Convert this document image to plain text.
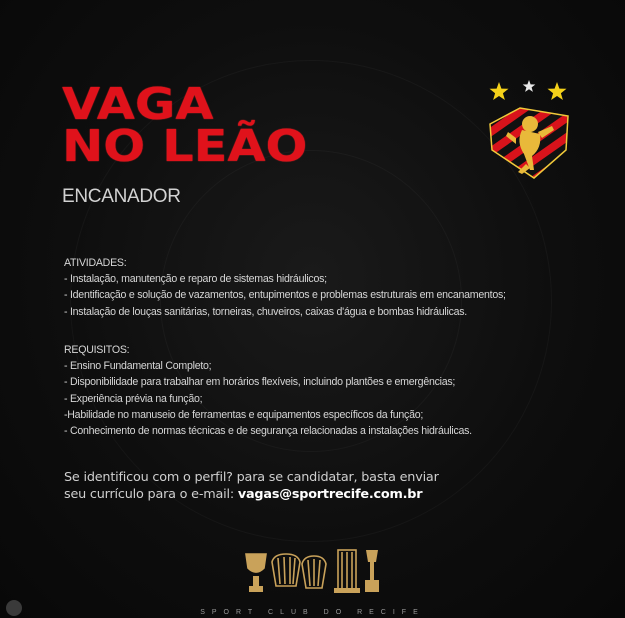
VAGA
NO LEÃO
ENCANADOR
ATIVIDADES:
- Instalação, manutenção e reparo de sistemas hidráulicos;
- Identificação e solução de vazamentos, entupimentos e problemas estruturais em encanamentos;
- Instalação de louças sanitárias, torneiras, chuveiros, caixas d'água e bombas hidráulicas.
REQUISITOS:
- Ensino Fundamental Completo;
- Disponibilidade para trabalhar em horários flexíveis, incluindo plantões e emergências;
- Experiência prévia na função;
-Habilidade no manuseio de ferramentas e equipamentos específicos da função;
- Conhecimento de normas técnicas e de segurança relacionadas a instalações hidráulicas.
Se identificou com o perfil? para se candidatar, basta enviar
seu currículo para o e-mail: vagas@sportrecife.com.br
SPORT CLUB DO RECIFE
